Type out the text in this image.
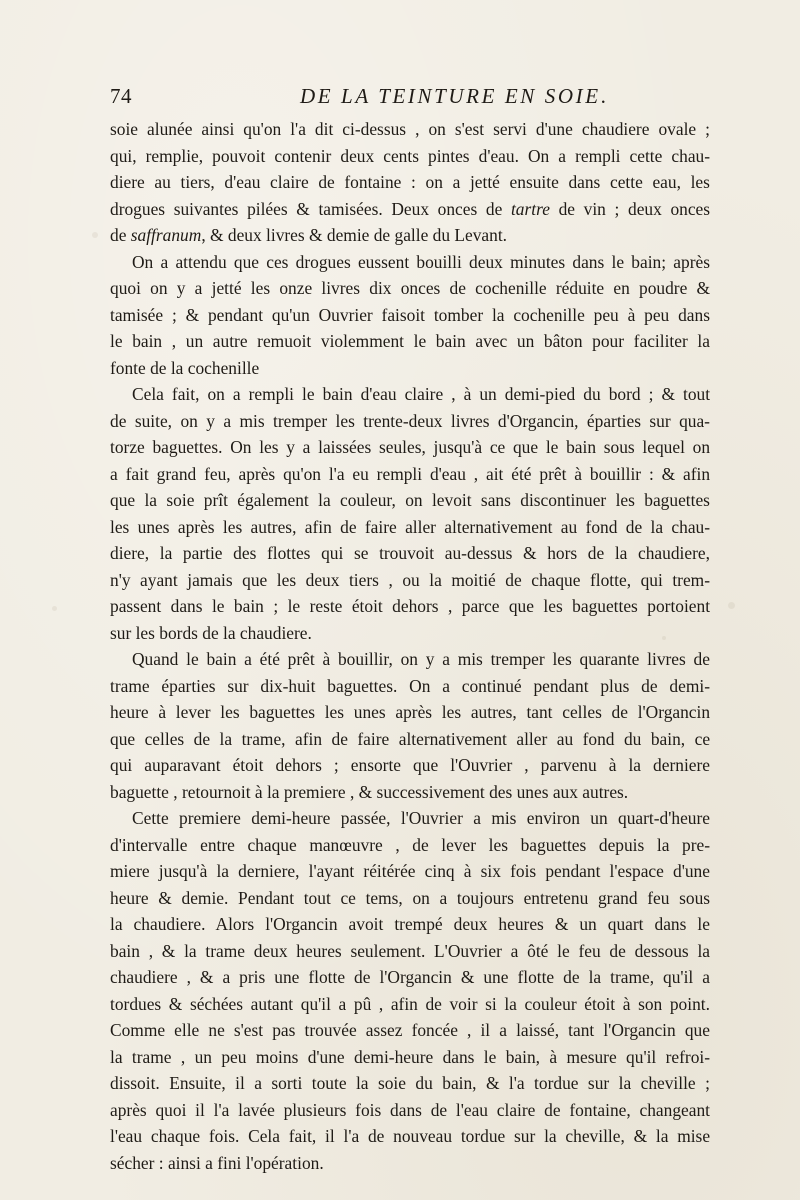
74	DE LA TEINTURE EN SOIE.
soie alunée ainsi qu'on l'a dit ci-dessus , on s'est servi d'une chaudiere ovale ;
qui, remplie, pouvoit contenir deux cents pintes d'eau. On a rempli cette chau-
diere au tiers, d'eau claire de fontaine : on a jetté ensuite dans cette eau, les
drogues suivantes pilées & tamisées. Deux onces de tartre de vin ; deux onces
de saffranum, & deux livres & demie de galle du Levant.
On a attendu que ces drogues eussent bouilli deux minutes dans le bain; après
quoi on y a jetté les onze livres dix onces de cochenille réduite en poudre &
tamisée ; & pendant qu'un Ouvrier faisoit tomber la cochenille peu à peu dans
le bain , un autre remuoit violemment le bain avec un bâton pour faciliter la
fonte de la cochenille
Cela fait, on a rempli le bain d'eau claire , à un demi-pied du bord ; & tout
de suite, on y a mis tremper les trente-deux livres d'Organcin, éparties sur qua-
torze baguettes. On les y a laissées seules, jusqu'à ce que le bain sous lequel on
a fait grand feu, après qu'on l'a eu rempli d'eau , ait été prêt à bouillir : & afin
que la soie prît également la couleur, on levoit sans discontinuer les baguettes
les unes après les autres, afin de faire aller alternativement au fond de la chau-
diere, la partie des flottes qui se trouvoit au-dessus & hors de la chaudiere,
n'y ayant jamais que les deux tiers , ou la moitié de chaque flotte, qui trem-
passent dans le bain ; le reste étoit dehors , parce que les baguettes portoient
sur les bords de la chaudiere.
Quand le bain a été prêt à bouillir, on y a mis tremper les quarante livres de
trame éparties sur dix-huit baguettes. On a continué pendant plus de demi-
heure à lever les baguettes les unes après les autres, tant celles de l'Organcin
que celles de la trame, afin de faire alternativement aller au fond du bain, ce
qui auparavant étoit dehors ; ensorte que l'Ouvrier , parvenu à la derniere
baguette , retournoit à la premiere , & successivement des unes aux autres.
Cette premiere demi-heure passée, l'Ouvrier a mis environ un quart-d'heure
d'intervalle entre chaque manœuvre , de lever les baguettes depuis la pre-
miere jusqu'à la derniere, l'ayant réitérée cinq à six fois pendant l'espace d'une
heure & demie. Pendant tout ce tems, on a toujours entretenu grand feu sous
la chaudiere. Alors l'Organcin avoit trempé deux heures & un quart dans le
bain , & la trame deux heures seulement. L'Ouvrier a ôté le feu de dessous la
chaudiere , & a pris une flotte de l'Organcin & une flotte de la trame, qu'il a
tordues & séchées autant qu'il a pû , afin de voir si la couleur étoit à son point.
Comme elle ne s'est pas trouvée assez foncée , il a laissé, tant l'Organcin que
la trame , un peu moins d'une demi-heure dans le bain, à mesure qu'il refroi-
dissoit. Ensuite, il a sorti toute la soie du bain, & l'a tordue sur la cheville ;
après quoi il l'a lavée plusieurs fois dans de l'eau claire de fontaine, changeant
l'eau chaque fois. Cela fait, il l'a de nouveau tordue sur la cheville, & la mise
sécher : ainsi a fini l'opération.
